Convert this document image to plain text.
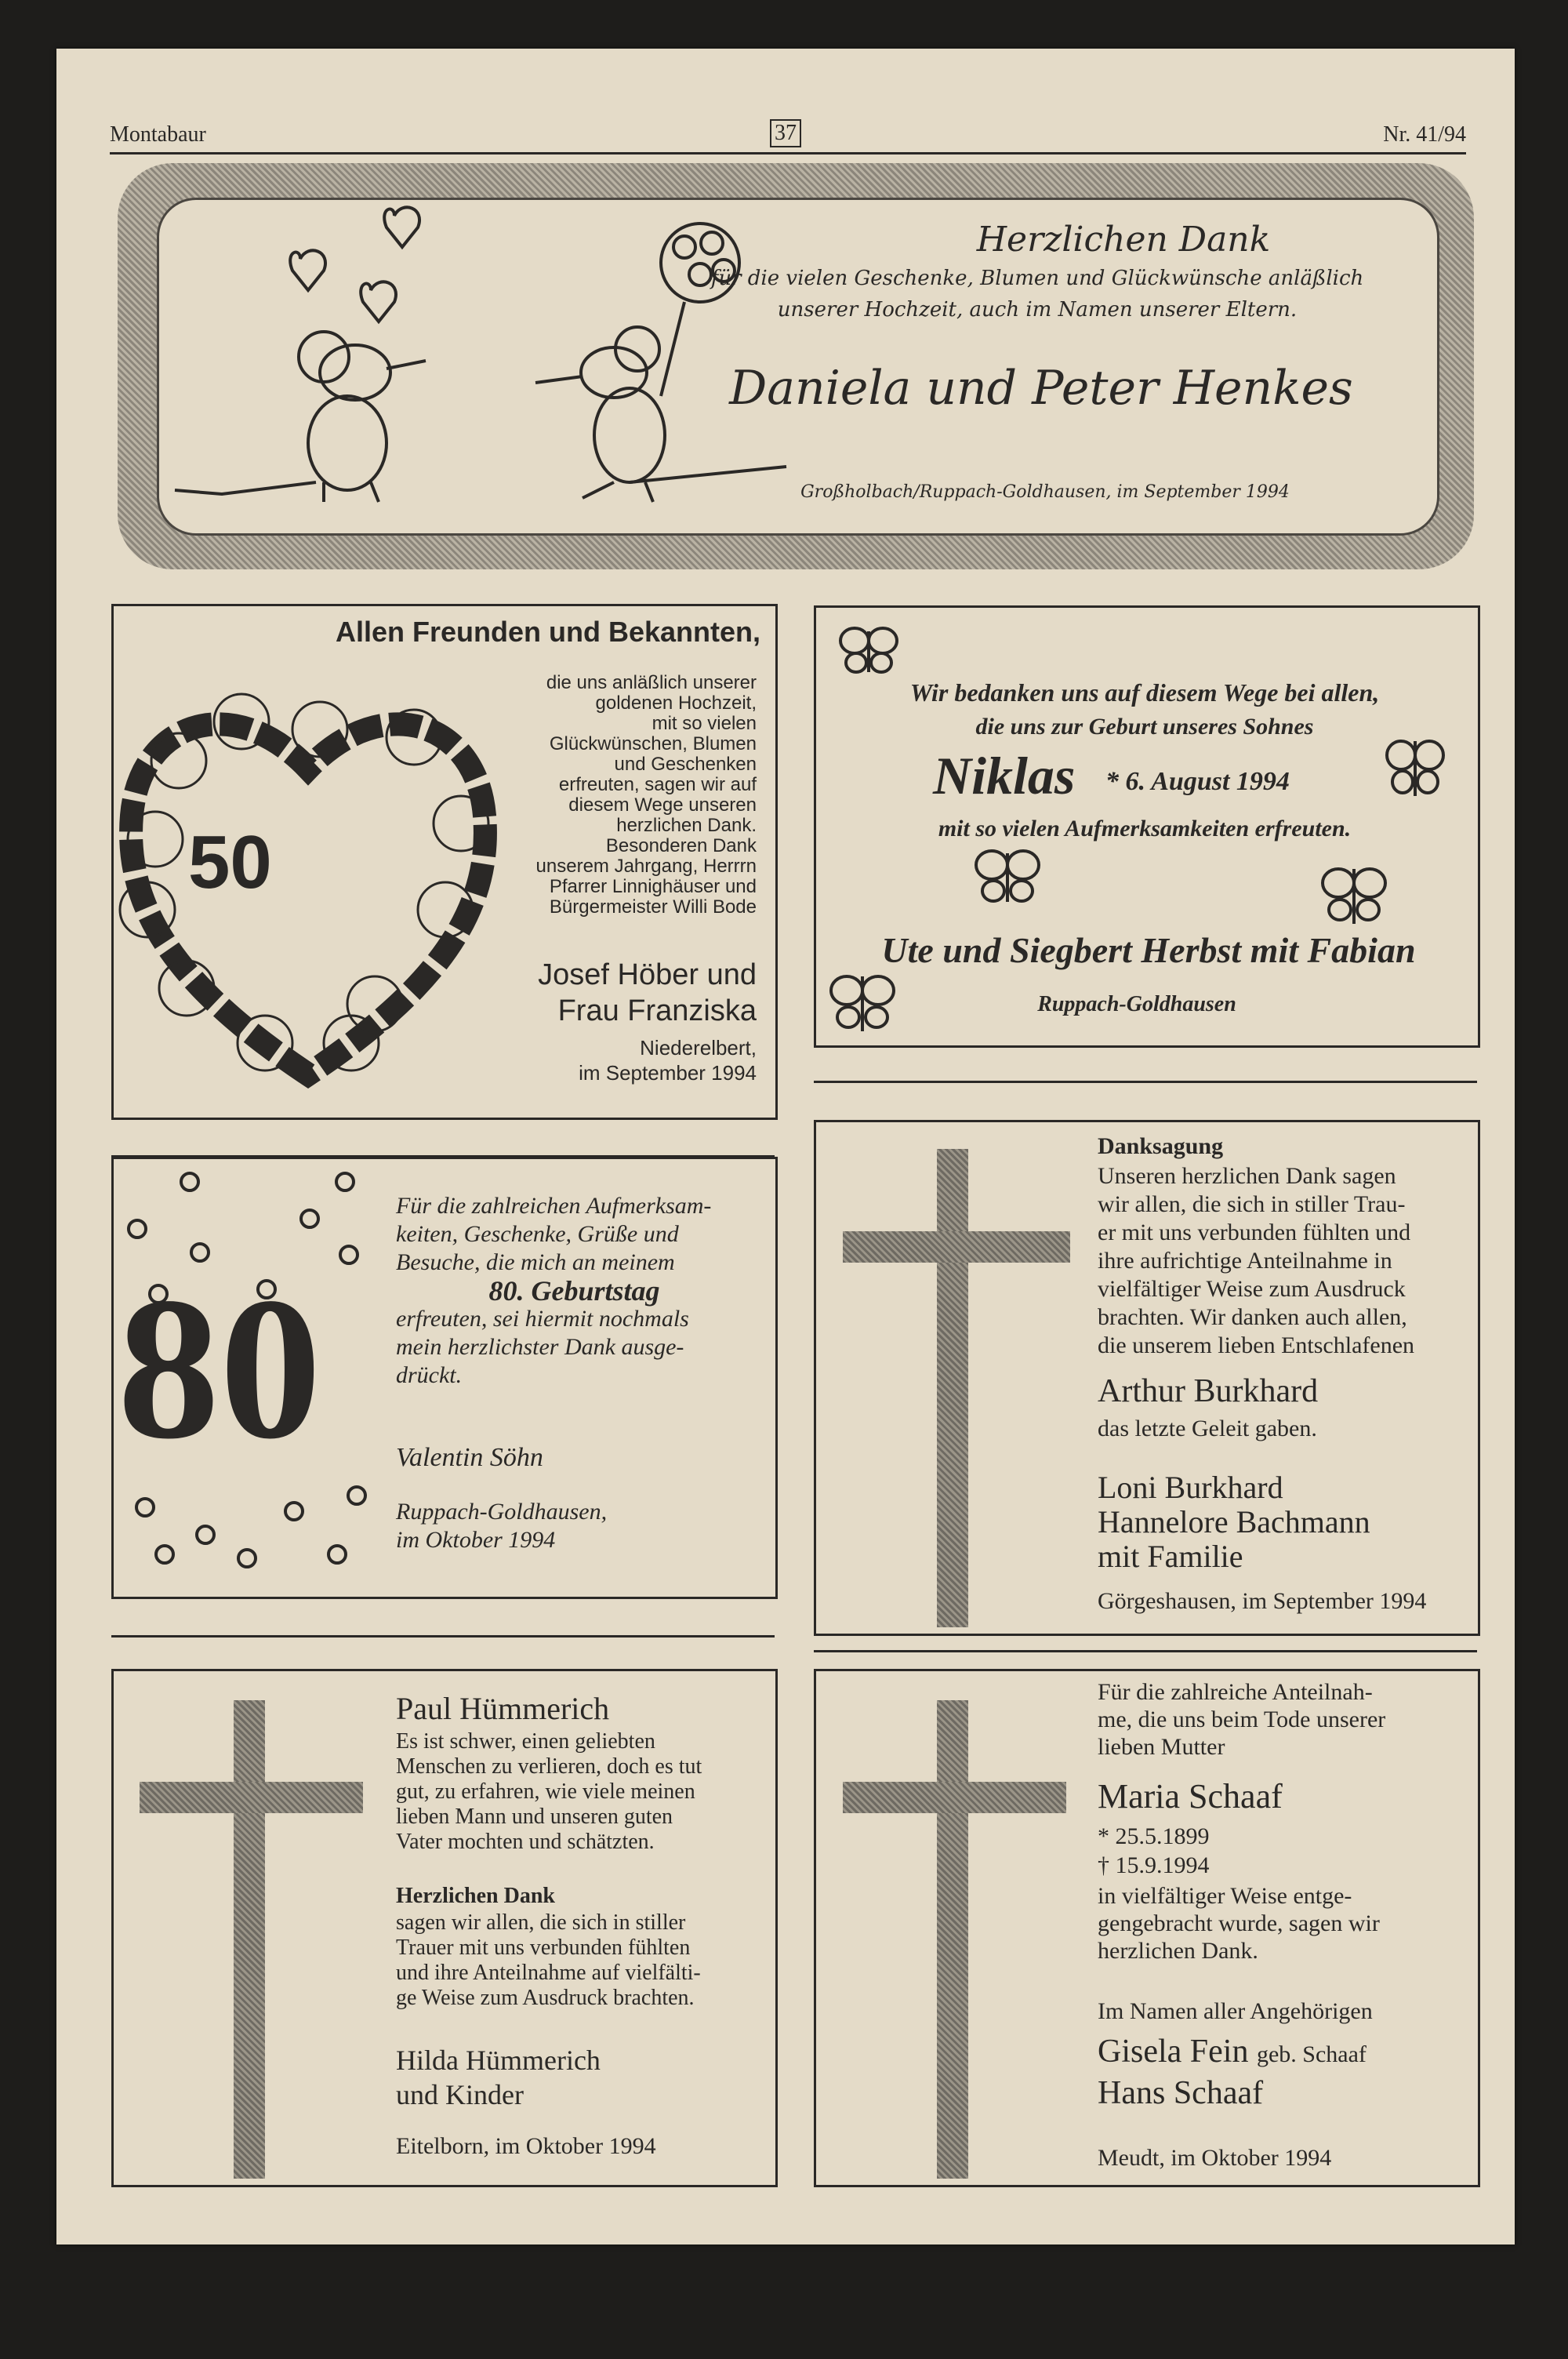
Montabaur	37	Nr. 41/94
Herzlichen Dank
für die vielen Geschenke, Blumen und Glückwünsche anläßlich
unserer Hochzeit, auch im Namen unserer Eltern.
Daniela und Peter Henkes
Großholbach/Ruppach-Goldhausen, im September 1994
Allen Freunden und Bekannten,
50
die uns anläßlich unserer
goldenen Hochzeit,
mit so vielen
Glückwünschen, Blumen
und Geschenken
erfreuten, sagen wir auf
diesem Wege unseren
herzlichen Dank.
Besonderen Dank
unserem Jahrgang, Herrrn
Pfarrer Linnighäuser und
Bürgermeister Willi Bode
Josef Höber und
Frau Franziska
Niederelbert,
im September 1994
Wir bedanken uns auf diesem Wege bei allen,
die uns zur Geburt unseres Sohnes
Niklas * 6. August 1994
mit so vielen Aufmerksamkeiten erfreuten.
Ute und Siegbert Herbst mit Fabian
Ruppach-Goldhausen
80
Für die zahlreichen Aufmerksam-
keiten, Geschenke, Grüße und
Besuche, die mich an meinem
80. Geburtstag
erfreuten, sei hiermit nochmals
mein herzlichster Dank ausge-
drückt.
Valentin Söhn
Ruppach-Goldhausen,
im Oktober 1994
Danksagung
Unseren herzlichen Dank sagen
wir allen, die sich in stiller Trau-
er mit uns verbunden fühlten und
ihre aufrichtige Anteilnahme in
vielfältiger Weise zum Ausdruck
brachten. Wir danken auch allen,
die unserem lieben Entschlafenen
Arthur Burkhard
das letzte Geleit gaben.
Loni Burkhard
Hannelore Bachmann
mit Familie
Görgeshausen, im September 1994
Paul Hümmerich
Es ist schwer, einen geliebten
Menschen zu verlieren, doch es tut
gut, zu erfahren, wie viele meinen
lieben Mann und unseren guten
Vater mochten und schätzten.
Herzlichen Dank
sagen wir allen, die sich in stiller
Trauer mit uns verbunden fühlten
und ihre Anteilnahme auf vielfälti-
ge Weise zum Ausdruck brachten.
Hilda Hümmerich
und Kinder
Eitelborn, im Oktober 1994
Für die zahlreiche Anteilnah-
me, die uns beim Tode unserer
lieben Mutter
Maria Schaaf
* 25.5.1899
† 15.9.1994
in vielfältiger Weise entge-
gengebracht wurde, sagen wir
herzlichen Dank.
Im Namen aller Angehörigen
Gisela Fein geb. Schaaf
Hans Schaaf
Meudt, im Oktober 1994
